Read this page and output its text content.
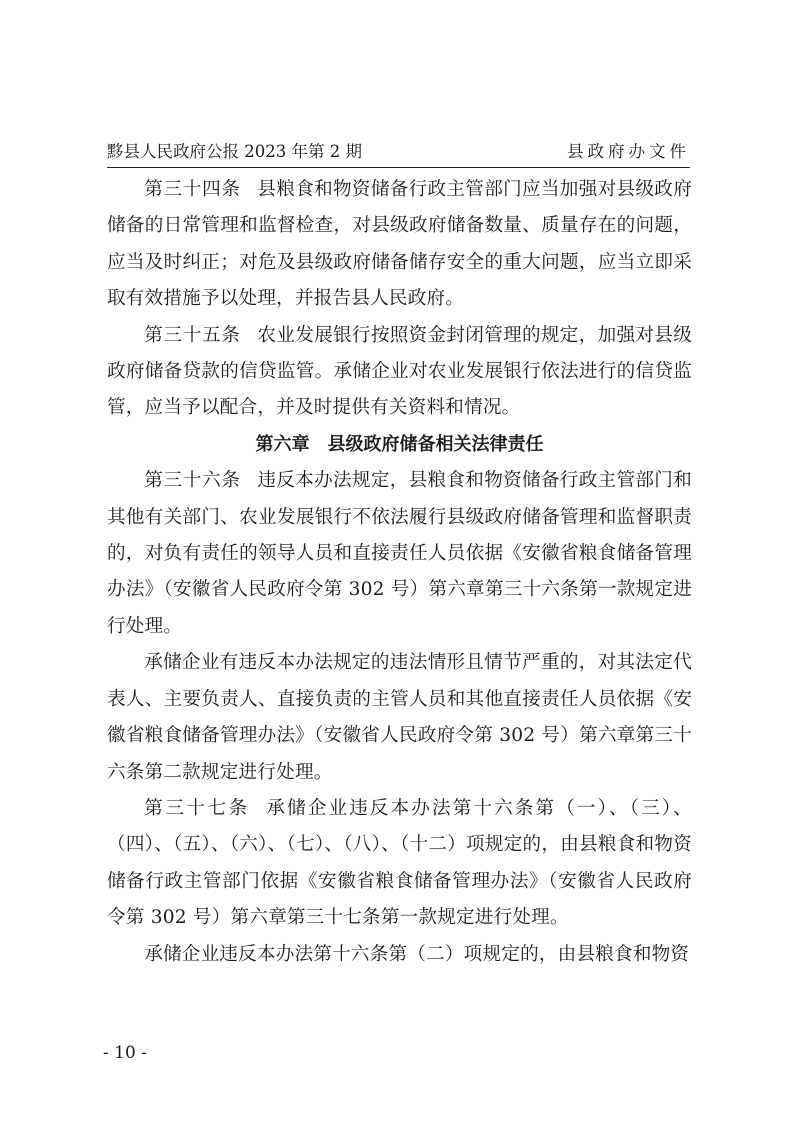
黟县人民政府公报 2023 年第 2 期	县政府办文件

第三十四条 县粮食和物资储备行政主管部门应当加强对县级政府储备的日常管理和监督检查，对县级政府储备数量、质量存在的问题，应当及时纠正；对危及县级政府储备储存安全的重大问题，应当立即采取有效措施予以处理，并报告县人民政府。

第三十五条 农业发展银行按照资金封闭管理的规定，加强对县级政府储备贷款的信贷监管。承储企业对农业发展银行依法进行的信贷监管，应当予以配合，并及时提供有关资料和情况。

第六章　县级政府储备相关法律责任

第三十六条 违反本办法规定，县粮食和物资储备行政主管部门和其他有关部门、农业发展银行不依法履行县级政府储备管理和监督职责的，对负有责任的领导人员和直接责任人员依据《安徽省粮食储备管理办法》（安徽省人民政府令第 302 号）第六章第三十六条第一款规定进行处理。

承储企业有违反本办法规定的违法情形且情节严重的，对其法定代表人、主要负责人、直接负责的主管人员和其他直接责任人员依据《安徽省粮食储备管理办法》（安徽省人民政府令第 302 号）第六章第三十六条第二款规定进行处理。

第三十七条 承储企业违反本办法第十六条第（一）、（三）、（四）、（五）、（六）、（七）、（八）、（十二）项规定的，由县粮食和物资储备行政主管部门依据《安徽省粮食储备管理办法》（安徽省人民政府令第 302 号）第六章第三十七条第一款规定进行处理。

承储企业违反本办法第十六条第（二）项规定的，由县粮食和物资

- 10 -
